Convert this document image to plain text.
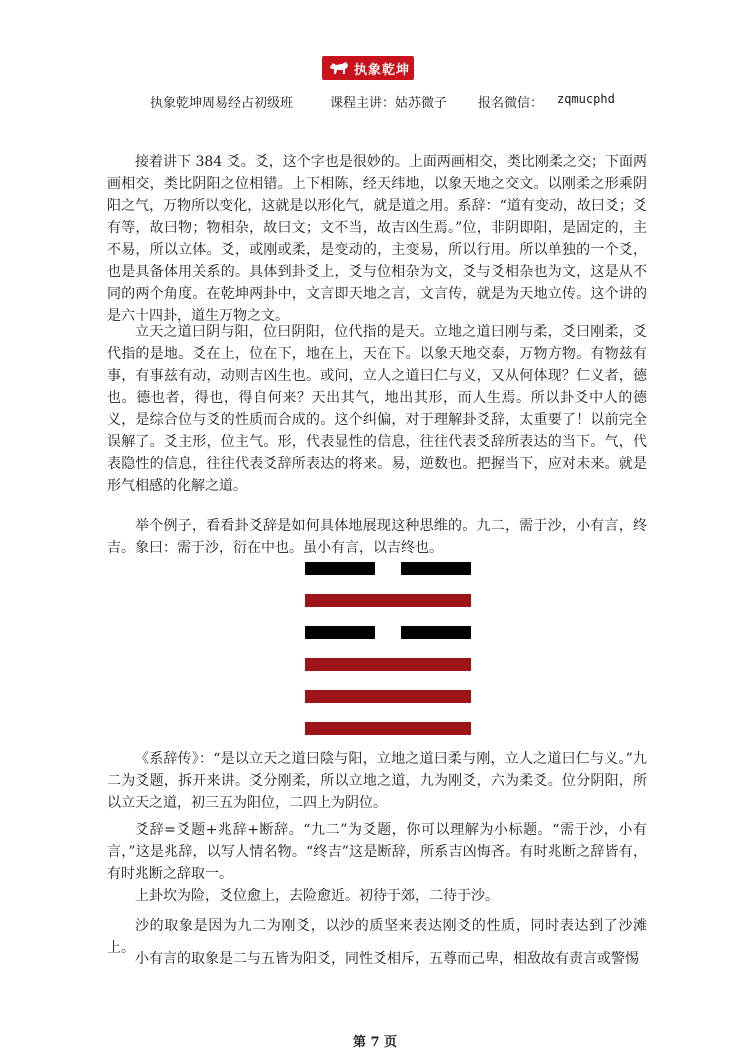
执象乾坤
执象乾坤周易经占初级班	课程主讲：姑苏微子 报名微信： zqmucphd

接着讲下 384 爻。爻，这个字也是很妙的。上面两画相交，类比刚柔之交；下面两画相交，类比阴阳之位相错。上下相陈，经天纬地，以象天地之交文。以刚柔之形乘阴阳之气，万物所以变化，这就是以形化气，就是道之用。系辞：“道有变动，故曰爻；爻有等，故曰物；物相杂，故曰文；文不当，故吉凶生焉。”位，非阴即阳，是固定的，主不易，所以立体。爻，或刚或柔，是变动的，主变易，所以行用。所以单独的一个爻，也是具备体用关系的。具体到卦爻上，爻与位相杂为文，爻与爻相杂也为文，这是从不同的两个角度。在乾坤两卦中，文言即天地之言，文言传，就是为天地立传。这个讲的是六十四卦，道生万物之文。

立天之道曰阴与阳，位曰阴阳，位代指的是天。立地之道曰刚与柔，爻曰刚柔，爻代指的是地。爻在上，位在下，地在上，天在下。以象天地交泰，万物方物。有物兹有事，有事兹有动，动则吉凶生也。或问，立人之道曰仁与义，又从何体现？仁义者，德也。德也者，得也，得自何来？天出其气，地出其形，而人生焉。所以卦爻中人的德义，是综合位与爻的性质而合成的。这个纠偏，对于理解卦爻辞，太重要了！以前完全误解了。爻主形，位主气。形，代表显性的信息，往往代表爻辞所表达的当下。气，代表隐性的信息，往往代表爻辞所表达的将来。易，逆数也。把握当下，应对未来。就是形气相感的化解之道。

举个例子，看看卦爻辞是如何具体地展现这种思维的。九二，需于沙，小有言，终吉。象曰：需于沙，衍在中也。虽小有言，以吉终也。

《系辞传》：“是以立天之道曰陰与阳，立地之道曰柔与刚，立人之道曰仁与义。”九二为爻题，拆开来讲。爻分刚柔，所以立地之道，九为刚爻，六为柔爻。位分阴阳，所以立天之道，初三五为阳位，二四上为阴位。

爻辞=爻题+兆辞+断辞。“九二”为爻题，你可以理解为小标题。“需于沙，小有言，”这是兆辞，以写人情名物。“终吉”这是断辞，所系吉凶悔吝。有时兆断之辞皆有，有时兆断之辞取一。

上卦坎为险，爻位愈上，去险愈近。初待于郊，二待于沙。

沙的取象是因为九二为刚爻，以沙的质坚来表达刚爻的性质，同时表达到了沙滩上。

小有言的取象是二与五皆为阳爻，同性爻相斥，五尊而己卑，相敌故有责言或警惕

第 7 页
